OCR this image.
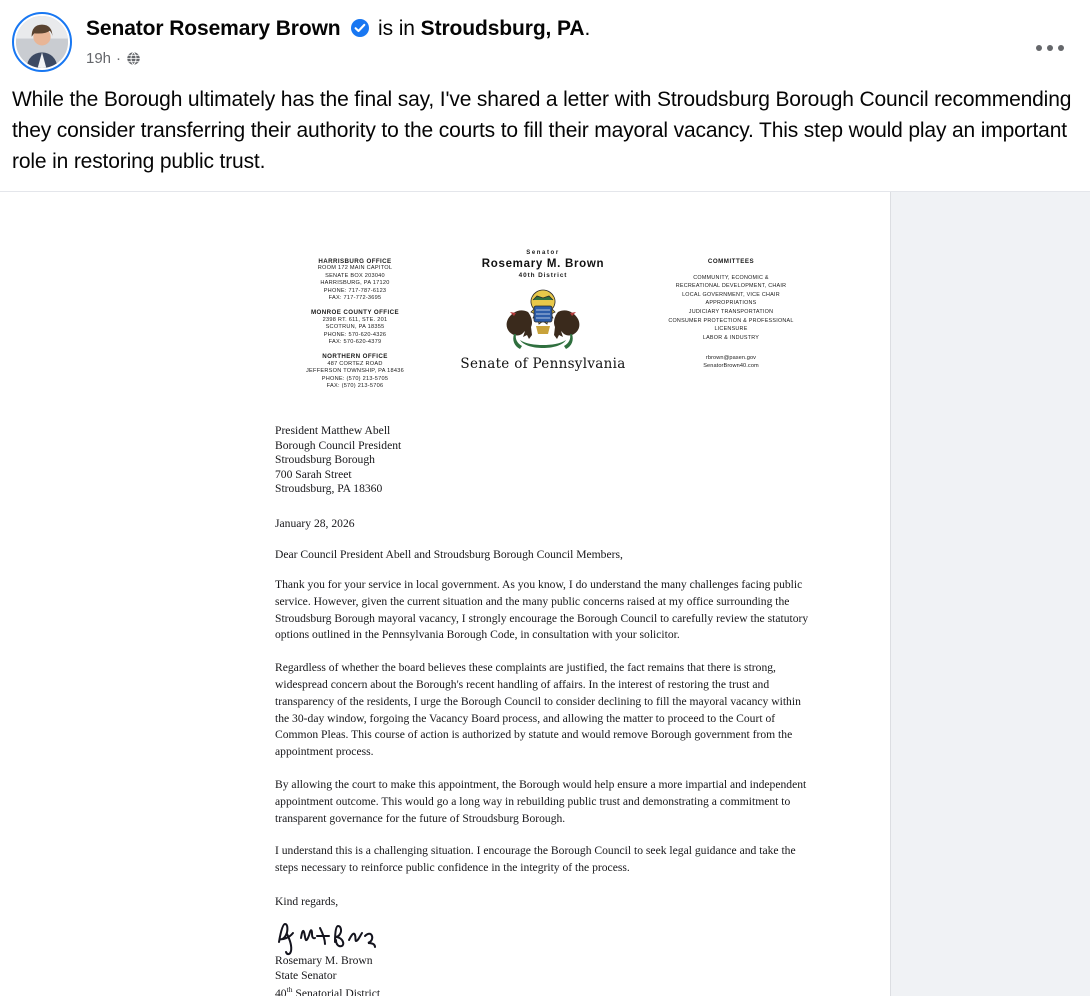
Senator Rosemary Brown is in Stroudsburg, PA.
19h ·
While the Borough ultimately has the final say, I've shared a letter with Stroudsburg Borough Council recommending they consider transferring their authority to the courts to fill their mayoral vacancy. This step would play an important role in restoring public trust.
HARRISBURG OFFICE
ROOM 172 MAIN CAPITOL
SENATE BOX 203040
HARRISBURG, PA 17120
PHONE: 717-787-6123
FAX: 717-772-3695
MONROE COUNTY OFFICE
2398 RT. 611, STE. 201
SCOTRUN, PA 18355
PHONE: 570-620-4326
FAX: 570-620-4379
NORTHERN OFFICE
487 CORTEZ ROAD
JEFFERSON TOWNSHIP, PA 18436
PHONE: (570) 213-5705
FAX: (570) 213-5706
Senator
Rosemary M. Brown
40th District
Senate of Pennsylvania
COMMITTEES
COMMUNITY, ECONOMIC &
RECREATIONAL DEVELOPMENT, CHAIR
LOCAL GOVERNMENT, VICE CHAIR
APPROPRIATIONS
JUDICIARY TRANSPORTATION
CONSUMER PROTECTION & PROFESSIONAL
LICENSURE
LABOR & INDUSTRY
rbrown@pasen.gov
SenatorBrown40.com
President Matthew Abell
Borough Council President
Stroudsburg Borough
700 Sarah Street
Stroudsburg, PA 18360
January 28, 2026
Dear Council President Abell and Stroudsburg Borough Council Members,
Thank you for your service in local government. As you know, I do understand the many challenges facing public service. However, given the current situation and the many public concerns raised at my office surrounding the Stroudsburg Borough mayoral vacancy, I strongly encourage the Borough Council to carefully review the statutory options outlined in the Pennsylvania Borough Code, in consultation with your solicitor.
Regardless of whether the board believes these complaints are justified, the fact remains that there is strong, widespread concern about the Borough's recent handling of affairs. In the interest of restoring the trust and transparency of the residents, I urge the Borough Council to consider declining to fill the mayoral vacancy within the 30-day window, forgoing the Vacancy Board process, and allowing the matter to proceed to the Court of Common Pleas. This course of action is authorized by statute and would remove Borough government from the appointment process.
By allowing the court to make this appointment, the Borough would help ensure a more impartial and independent appointment outcome. This would go a long way in rebuilding public trust and demonstrating a commitment to transparent governance for the future of Stroudsburg Borough.
I understand this is a challenging situation. I encourage the Borough Council to seek legal guidance and take the steps necessary to reinforce public confidence in the integrity of the process.
Kind regards,
Rosemary M. Brown
State Senator
40th Senatorial District
